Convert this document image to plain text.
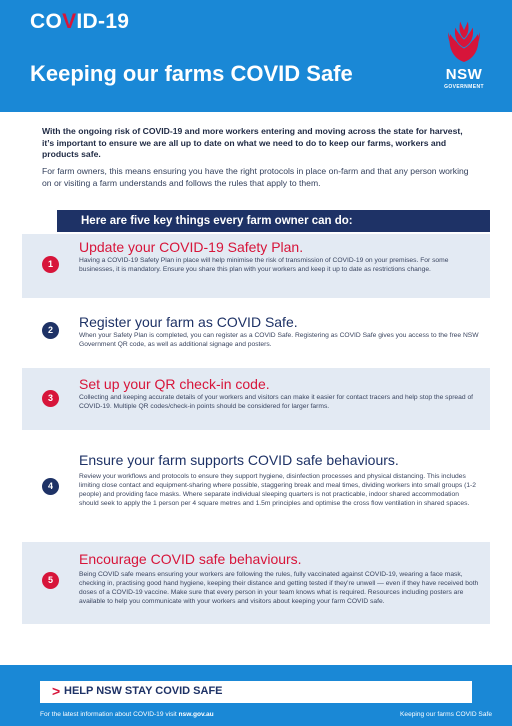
COVID-19
Keeping our farms COVID Safe	NSW
GOVERNMENT

With the ongoing risk of COVID-19 and more workers entering and moving across the state for harvest, it’s important to ensure we are all up to date on what we need to do to keep our farms, workers and products safe.

For farm owners, this means ensuring you have the right protocols in place on-farm and that any person working on or visiting a farm understands and follows the rules that apply to them.

Here are five key things every farm owner can do:
1
Update your COVID-19 Safety Plan.

Having a COVID-19 Safety Plan in place will help minimise the risk of transmission of COVID-19 on your premises. For some businesses, it is mandatory. Ensure you share this plan with your workers and keep it up to date as restrictions change.

2	Register your farm as COVID Safe.

When your Safety Plan is completed, you can register as a COVID Safe. Registering as COVID Safe gives you access to the free NSW Government QR code, as well as additional signage and posters.

3
Set up your QR check-in code.

Collecting and keeping accurate details of your workers and visitors can make it easier for contact tracers and help stop the spread of COVID-19. Multiple QR codes/check-in points should be considered for larger farms.

4
Ensure your farm supports COVID safe behaviours.

Review your workflows and protocols to ensure they support hygiene, disinfection processes and physical distancing. This includes limiting close contact and equipment-sharing where possible, staggering break and meal times, dividing workers into small groups (1-2 people) and providing face masks. Where separate individual sleeping quarters is not practicable, indoor shared accommodation should seek to apply the 1 person per 4 square metres and 1.5m principles and optimise the cross flow ventilation in shared spaces.

5
Encourage COVID safe behaviours.

Being COVID safe means ensuring your workers are following the rules, fully vaccinated against COVID-19, wearing a face mask, checking in, practising good hand hygiene, keeping their distance and getting tested if they’re unwell — even if they have received both doses of a COVID-19 vaccine. Make sure that every person in your team knows what is required. Resources including posters are available to help you communicate with your workers and visitors about keeping your farm COVID safe.

> HELP NSW STAY COVID SAFE
For the latest information about COVID-19 visit nsw.gov.au	Keeping our farms COVID Safe
